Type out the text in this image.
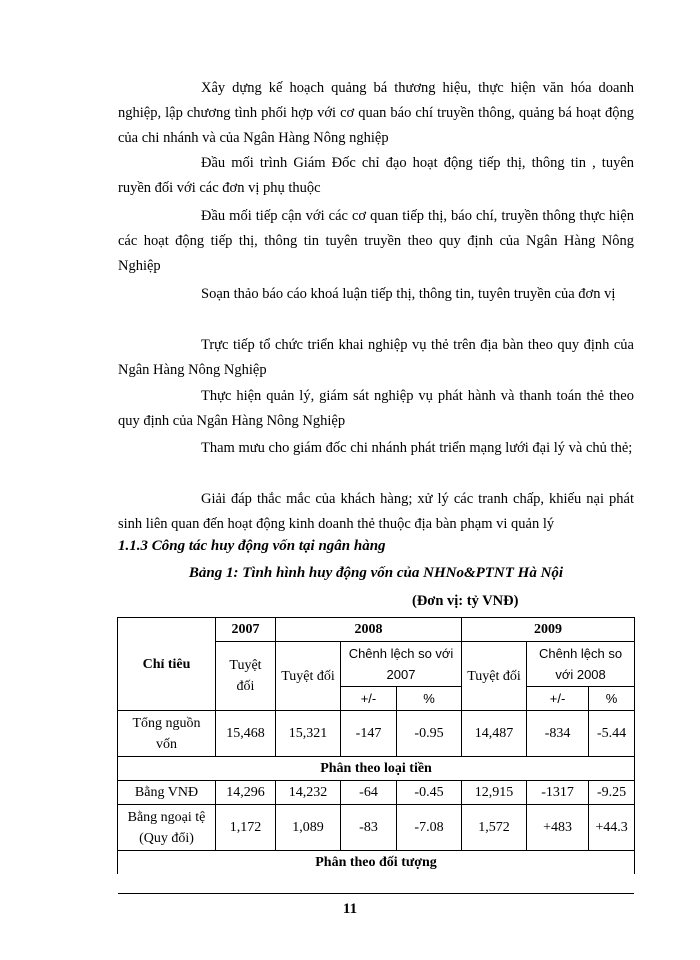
Xây dựng kế hoạch quảng bá thương hiệu, thực hiện văn hóa doanh nghiệp, lập chương tình phối hợp với cơ quan báo chí truyền thông, quảng bá hoạt động của chi nhánh và của Ngân Hàng Nông nghiệp

Đầu mối trình Giám Đốc chỉ đạo hoạt động tiếp thị, thông tin , tuyên ruyền đối với các đơn vị phụ thuộc

Đầu mối tiếp cận với các cơ quan tiếp thị, báo chí, truyền thông thực hiện các hoạt động tiếp thị, thông tin tuyên truyền theo quy định của Ngân Hàng Nông Nghiệp

Soạn thảo báo cáo khoá luận tiếp thị, thông tin, tuyên truyền của đơn vị

Trực tiếp tổ chức triển khai nghiệp vụ thẻ trên địa bàn theo quy định của Ngân Hàng Nông Nghiệp

Thực hiện quản lý, giám sát nghiệp vụ phát hành và thanh toán thẻ theo quy định của Ngân Hàng Nông Nghiệp

Tham mưu cho giám đốc chi nhánh phát triển mạng lưới đại lý và chủ thẻ;

Giải đáp thắc mắc của khách hàng; xử lý các tranh chấp, khiếu nại phát sinh liên quan đến hoạt động kinh doanh thẻ thuộc địa bàn phạm vi quản lý

1.1.3 Công tác huy động vốn tại ngân hàng

Bảng 1: Tình hình huy động vốn của NHNo&PTNT Hà Nội

(Đơn vị: tỷ VNĐ)

Chỉ tiêu	2007	2008			2009		
	Tuyệt đối	Tuyệt đối	Chênh lệch so với 2007		Tuyệt đối	Chênh lệch so với 2008	
			+/-	%		+/-	%
Tổng nguồn vốn	15,468	15,321	-147	-0.95	14,487	-834	-5.44
Phân theo loại tiền							
Bằng VNĐ	14,296	14,232	-64	-0.45	12,915	-1317	-9.25
Bằng ngoại tệ (Quy đổi)	1,172	1,089	-83	-7.08	1,572	+483	+44.3
Phân theo đối tượng							
11
